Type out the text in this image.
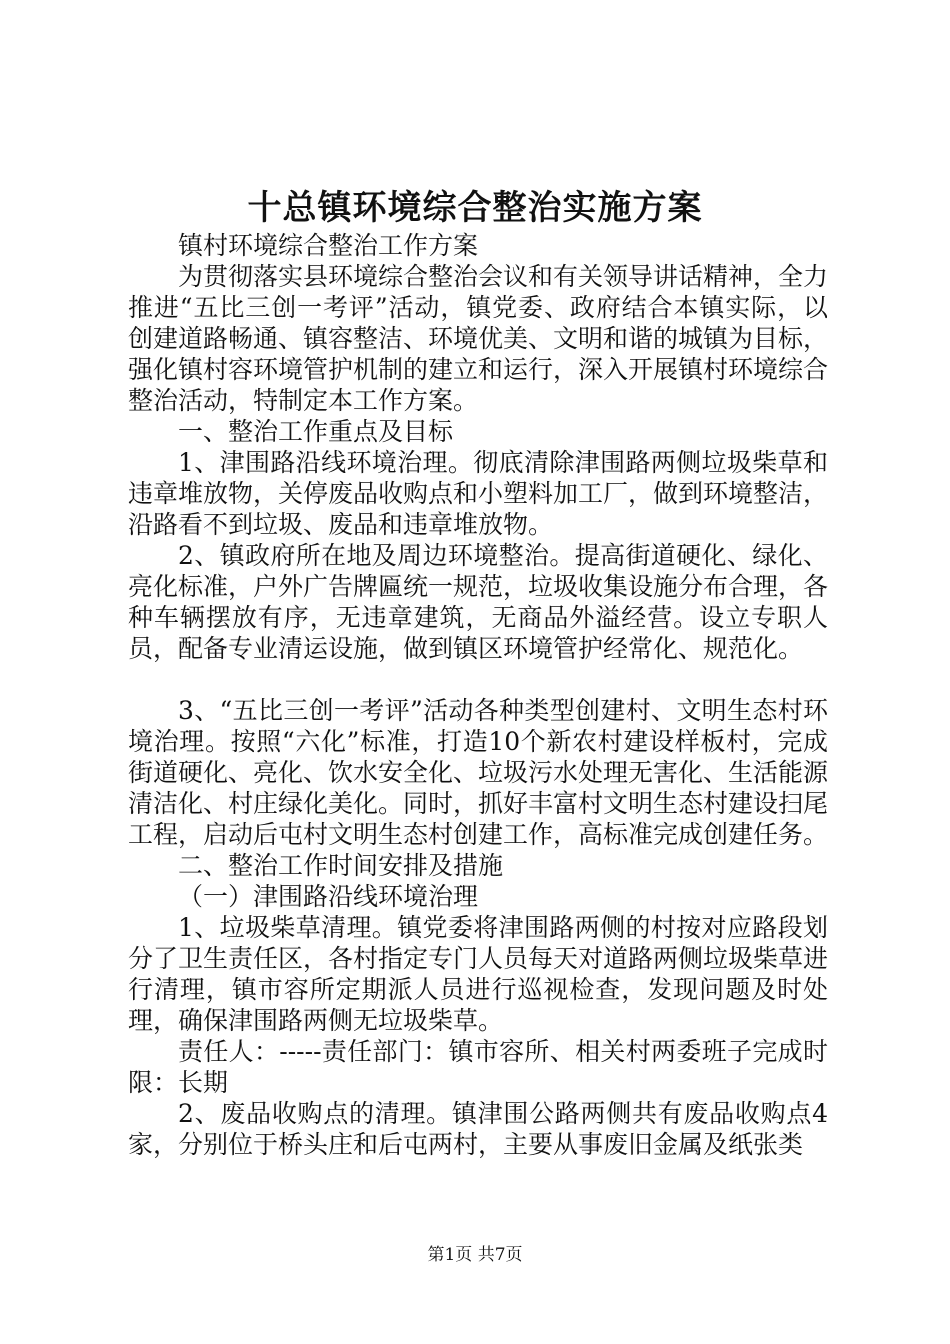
十总镇环境综合整治实施方案

镇村环境综合整治工作方案

为贯彻落实县环境综合整治会议和有关领导讲话精神，全力推进“五比三创一考评”活动，镇党委、政府结合本镇实际，以创建道路畅通、镇容整洁、环境优美、文明和谐的城镇为目标，强化镇村容环境管护机制的建立和运行，深入开展镇村环境综合整治活动，特制定本工作方案。

一、整治工作重点及目标

1、津围路沿线环境治理。彻底清除津围路两侧垃圾柴草和违章堆放物，关停废品收购点和小塑料加工厂，做到环境整洁，沿路看不到垃圾、废品和违章堆放物。

2、镇政府所在地及周边环境整治。提高街道硬化、绿化、亮化标准，户外广告牌匾统一规范，垃圾收集设施分布合理，各种车辆摆放有序，无违章建筑，无商品外溢经营。设立专职人员，配备专业清运设施，做到镇区环境管护经常化、规范化。

3、“五比三创一考评”活动各种类型创建村、文明生态村环境治理。按照“六化”标准，打造10个新农村建设样板村，完成街道硬化、亮化、饮水安全化、垃圾污水处理无害化、生活能源清洁化、村庄绿化美化。同时，抓好丰富村文明生态村建设扫尾工程，启动后屯村文明生态村创建工作，高标准完成创建任务。

二、整治工作时间安排及措施

（一）津围路沿线环境治理

1、垃圾柴草清理。镇党委将津围路两侧的村按对应路段划分了卫生责任区，各村指定专门人员每天对道路两侧垃圾柴草进行清理，镇市容所定期派人员进行巡视检查，发现问题及时处理，确保津围路两侧无垃圾柴草。

责任人：-----责任部门：镇市容所、相关村两委班子完成时限：长期

2、废品收购点的清理。镇津围公路两侧共有废品收购点4家，分别位于桥头庄和后屯两村，主要从事废旧金属及纸张类

第1页 共7页
